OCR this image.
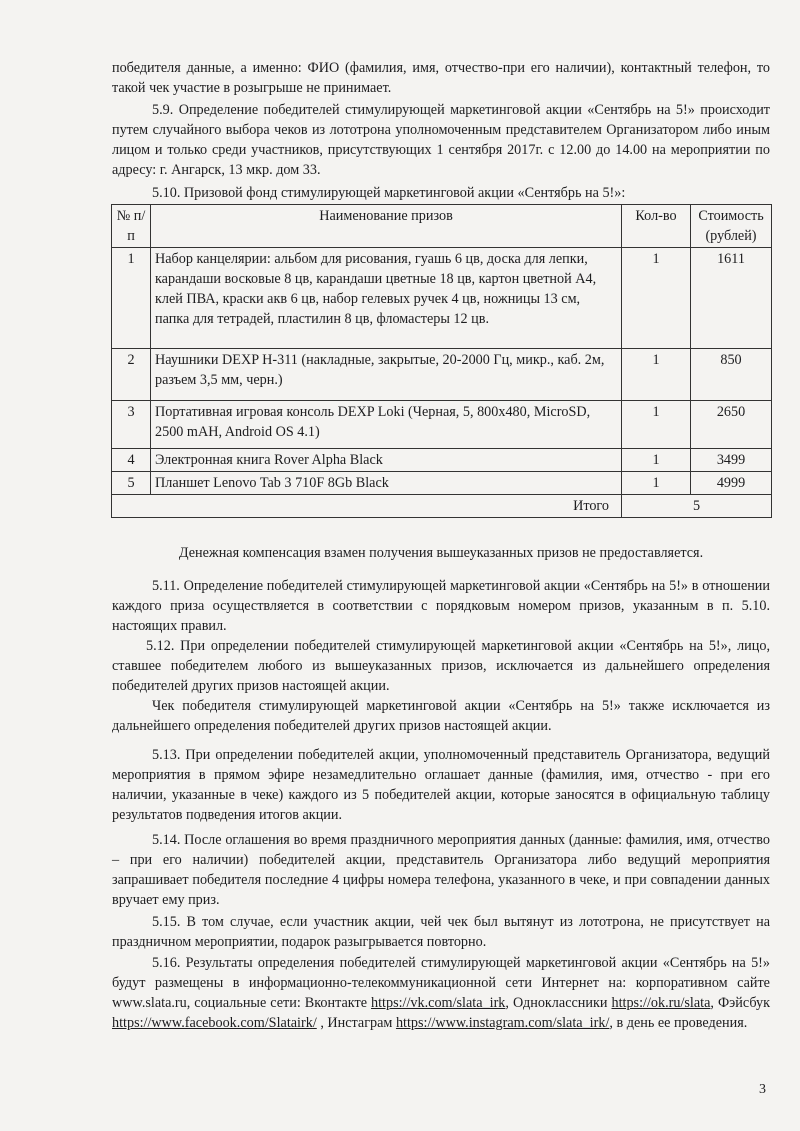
победителя данные, а именно: ФИО (фамилия, имя, отчество-при его наличии), контактный телефон, то такой чек участие в розыгрыше не принимает.

5.9. Определение победителей стимулирующей маркетинговой акции «Сентябрь на 5!» происходит путем случайного выбора чеков из лототрона уполномоченным представителем Организатором либо иным лицом и только среди участников, присутствующих 1 сентября 2017г. с 12.00 до 14.00 на мероприятии по адресу: г. Ангарск, 13 мкр. дом 33.

5.10. Призовой фонд стимулирующей маркетинговой акции «Сентябрь на 5!»:

№ п/п	Наименование призов	Кол-во	Стоимость (рублей)
1	Набор канцелярии: альбом для рисования, гуашь 6 цв, доска для лепки, карандаши восковые 8 цв, карандаши цветные 18 цв, картон цветной А4, клей ПВА, краски акв 6 цв, набор гелевых ручек 4 цв, ножницы 13 см, папка для тетрадей, пластилин 8 цв, фломастеры 12 цв.	1	1611
2	Наушники DEXP H-311 (накладные, закрытые, 20-2000 Гц, микр., каб. 2м, разъем 3,5 мм, черн.)	1	850
3	Портативная игровая консоль DEXP Loki (Черная, 5, 800х480, MicroSD, 2500 mAH, Android OS 4.1)	1	2650
4	Электронная книга Rover Alpha Black	1	3499
5	Планшет Lenovo Tab 3 710F 8Gb Black	1	4999
Итого		5	

Денежная компенсация взамен получения вышеуказанных призов не предоставляется.

5.11. Определение победителей стимулирующей маркетинговой акции «Сентябрь на 5!» в отношении каждого приза осуществляется в соответствии с порядковым номером призов, указанным в п. 5.10. настоящих правил.

5.12. При определении победителей стимулирующей маркетинговой акции «Сентябрь на 5!», лицо, ставшее победителем любого из вышеуказанных призов, исключается из дальнейшего определения победителей других призов настоящей акции.

Чек победителя стимулирующей маркетинговой акции «Сентябрь на 5!» также исключается из дальнейшего определения победителей других призов настоящей акции.

5.13. При определении победителей акции, уполномоченный представитель Организатора, ведущий мероприятия в прямом эфире незамедлительно оглашает данные (фамилия, имя, отчество - при его наличии, указанные в чеке) каждого из 5 победителей акции, которые заносятся в официальную таблицу результатов подведения итогов акции.

5.14. После оглашения во время праздничного мероприятия данных (данные: фамилия, имя, отчество – при его наличии) победителей акции, представитель Организатора либо ведущий мероприятия запрашивает победителя последние 4 цифры номера телефона, указанного в чеке, и при совпадении данных вручает ему приз.

5.15. В том случае, если участник акции, чей чек был вытянут из лототрона, не присутствует на праздничном мероприятии, подарок разыгрывается повторно.

5.16. Результаты определения победителей стимулирующей маркетинговой акции «Сентябрь на 5!» будут размещены в информационно-телекоммуникационной сети Интернет на: корпоративном сайте www.slata.ru, социальные сети: Вконтакте https://vk.com/slata_irk, Одноклассники https://ok.ru/slata, Фэйсбук https://www.facebook.com/Slatairk/ , Инстаграм https://www.instagram.com/slata_irk/, в день ее проведения.

3
